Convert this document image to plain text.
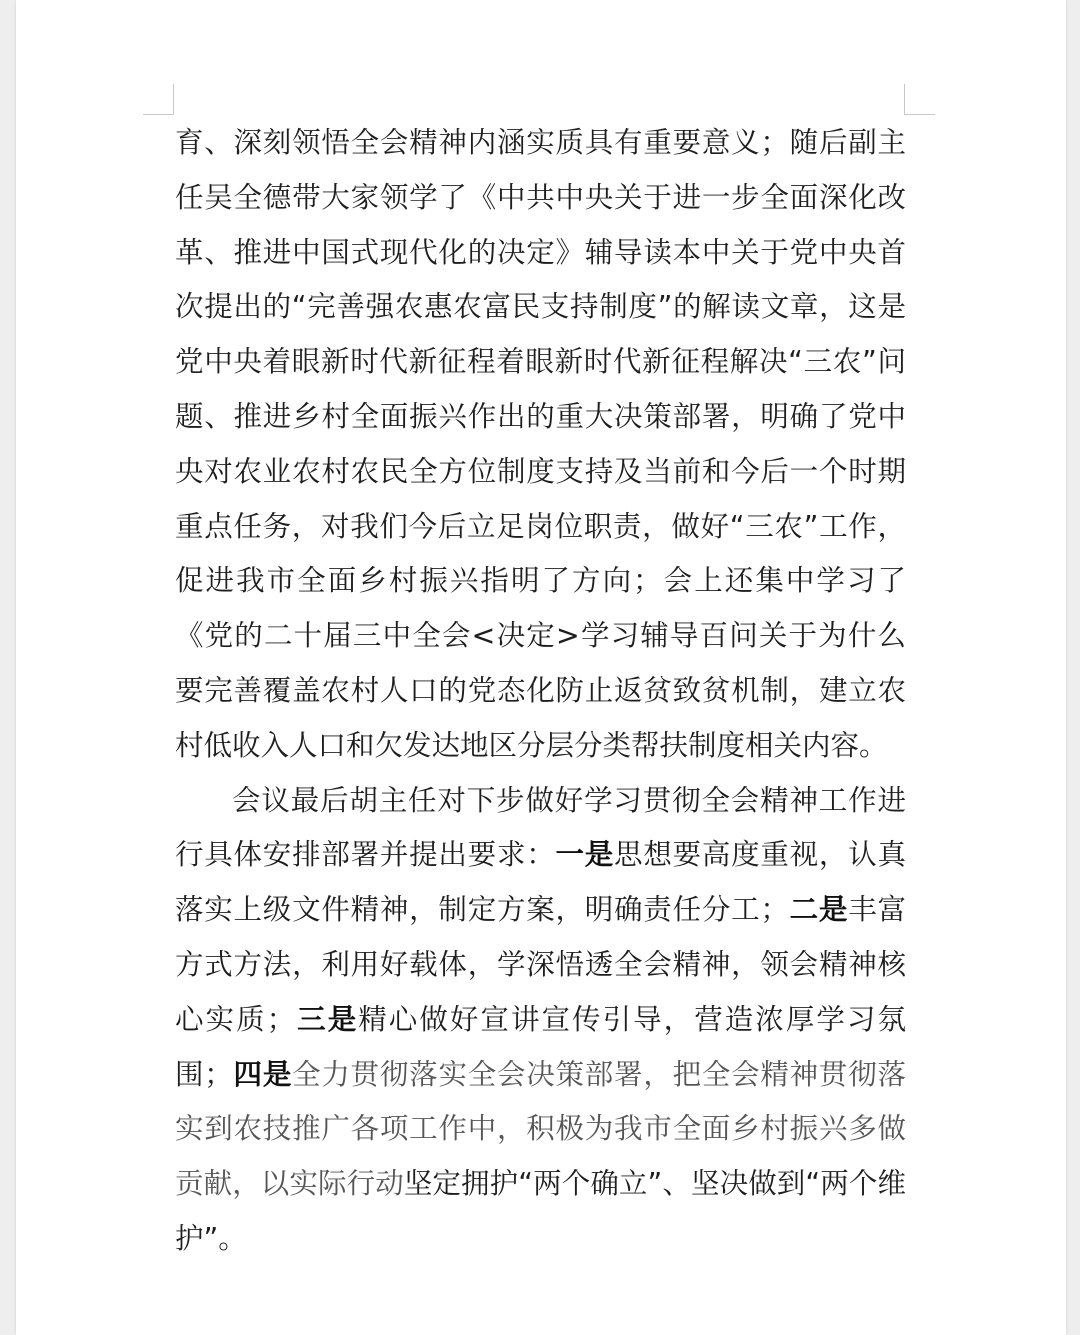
育、深刻领悟全会精神内涵实质具有重要意义；随后副主任吴全德带大家领学了《中共中央关于进一步全面深化改革、推进中国式现代化的决定》辅导读本中关于党中央首次提出的“完善强农惠农富民支持制度”的解读文章，这是党中央着眼新时代新征程着眼新时代新征程解决“三农”问题、推进乡村全面振兴作出的重大决策部署，明确了党中央对农业农村农民全方位制度支持及当前和今后一个时期重点任务，对我们今后立足岗位职责，做好“三农”工作，促进我市全面乡村振兴指明了方向；会上还集中学习了《党的二十届三中全会<决定>学习辅导百问关于为什么要完善覆盖农村人口的党态化防止返贫致贫机制，建立农村低收入人口和欠发达地区分层分类帮扶制度相关内容。

会议最后胡主任对下步做好学习贯彻全会精神工作进行具体安排部署并提出要求：一是思想要高度重视，认真落实上级文件精神，制定方案，明确责任分工；二是丰富方式方法，利用好载体，学深悟透全会精神，领会精神核心实质；三是精心做好宣讲宣传引导，营造浓厚学习氛围；四是全力贯彻落实全会决策部署，把全会精神贯彻落实到农技推广各项工作中，积极为我市全面乡村振兴多做贡献，以实际行动坚定拥护“两个确立”、坚决做到“两个维护”。
